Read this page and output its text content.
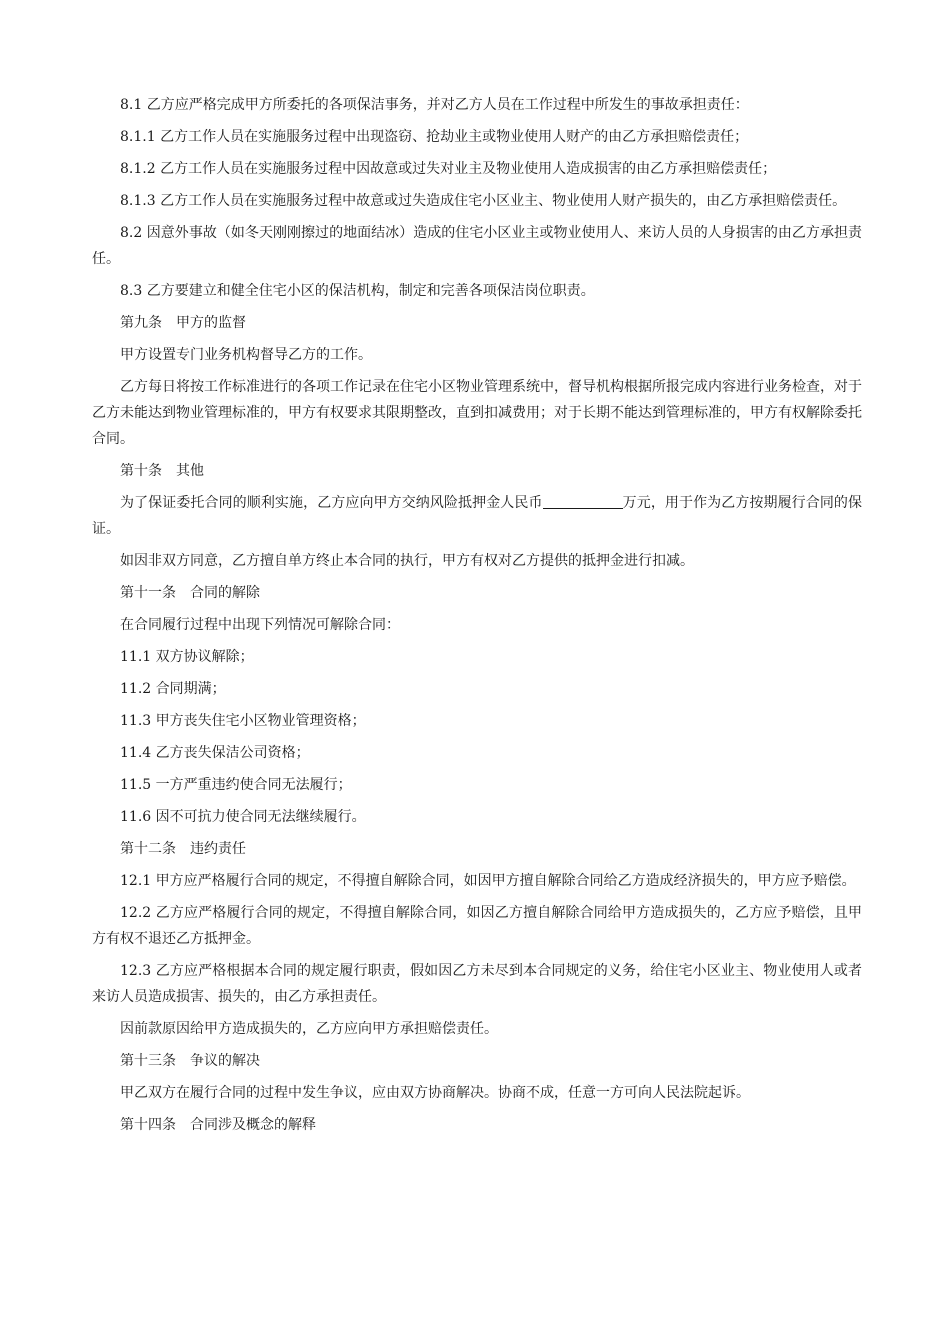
8.1 乙方应严格完成甲方所委托的各项保洁事务，并对乙方人员在工作过程中所发生的事故承担责任：

8.1.1 乙方工作人员在实施服务过程中出现盗窃、抢劫业主或物业使用人财产的由乙方承担赔偿责任；

8.1.2 乙方工作人员在实施服务过程中因故意或过失对业主及物业使用人造成损害的由乙方承担赔偿责任；

8.1.3 乙方工作人员在实施服务过程中故意或过失造成住宅小区业主、物业使用人财产损失的，由乙方承担赔偿责任。

8.2 因意外事故（如冬天刚刚擦过的地面结冰）造成的住宅小区业主或物业使用人、来访人员的人身损害的由乙方承担责任。

8.3 乙方要建立和健全住宅小区的保洁机构，制定和完善各项保洁岗位职责。

第九条　甲方的监督

甲方设置专门业务机构督导乙方的工作。

乙方每日将按工作标准进行的各项工作记录在住宅小区物业管理系统中，督导机构根据所报完成内容进行业务检查，对于乙方未能达到物业管理标准的，甲方有权要求其限期整改，直到扣减费用；对于长期不能达到管理标准的，甲方有权解除委托合同。

第十条　其他

为了保证委托合同的顺利实施，乙方应向甲方交纳风险抵押金人民币	万元，用于作为乙方按期履行合同的保证。

如因非双方同意，乙方擅自单方终止本合同的执行，甲方有权对乙方提供的抵押金进行扣减。

第十一条　合同的解除

在合同履行过程中出现下列情况可解除合同：

11.1 双方协议解除；

11.2 合同期满；

11.3 甲方丧失住宅小区物业管理资格；

11.4 乙方丧失保洁公司资格；

11.5 一方严重违约使合同无法履行；

11.6 因不可抗力使合同无法继续履行。

第十二条　违约责任

12.1 甲方应严格履行合同的规定，不得擅自解除合同，如因甲方擅自解除合同给乙方造成经济损失的，甲方应予赔偿。

12.2 乙方应严格履行合同的规定，不得擅自解除合同，如因乙方擅自解除合同给甲方造成损失的，乙方应予赔偿，且甲方有权不退还乙方抵押金。

12.3 乙方应严格根据本合同的规定履行职责，假如因乙方未尽到本合同规定的义务，给住宅小区业主、物业使用人或者来访人员造成损害、损失的，由乙方承担责任。

因前款原因给甲方造成损失的，乙方应向甲方承担赔偿责任。

第十三条　争议的解决

甲乙双方在履行合同的过程中发生争议，应由双方协商解决。协商不成，任意一方可向人民法院起诉。

第十四条　合同涉及概念的解释
